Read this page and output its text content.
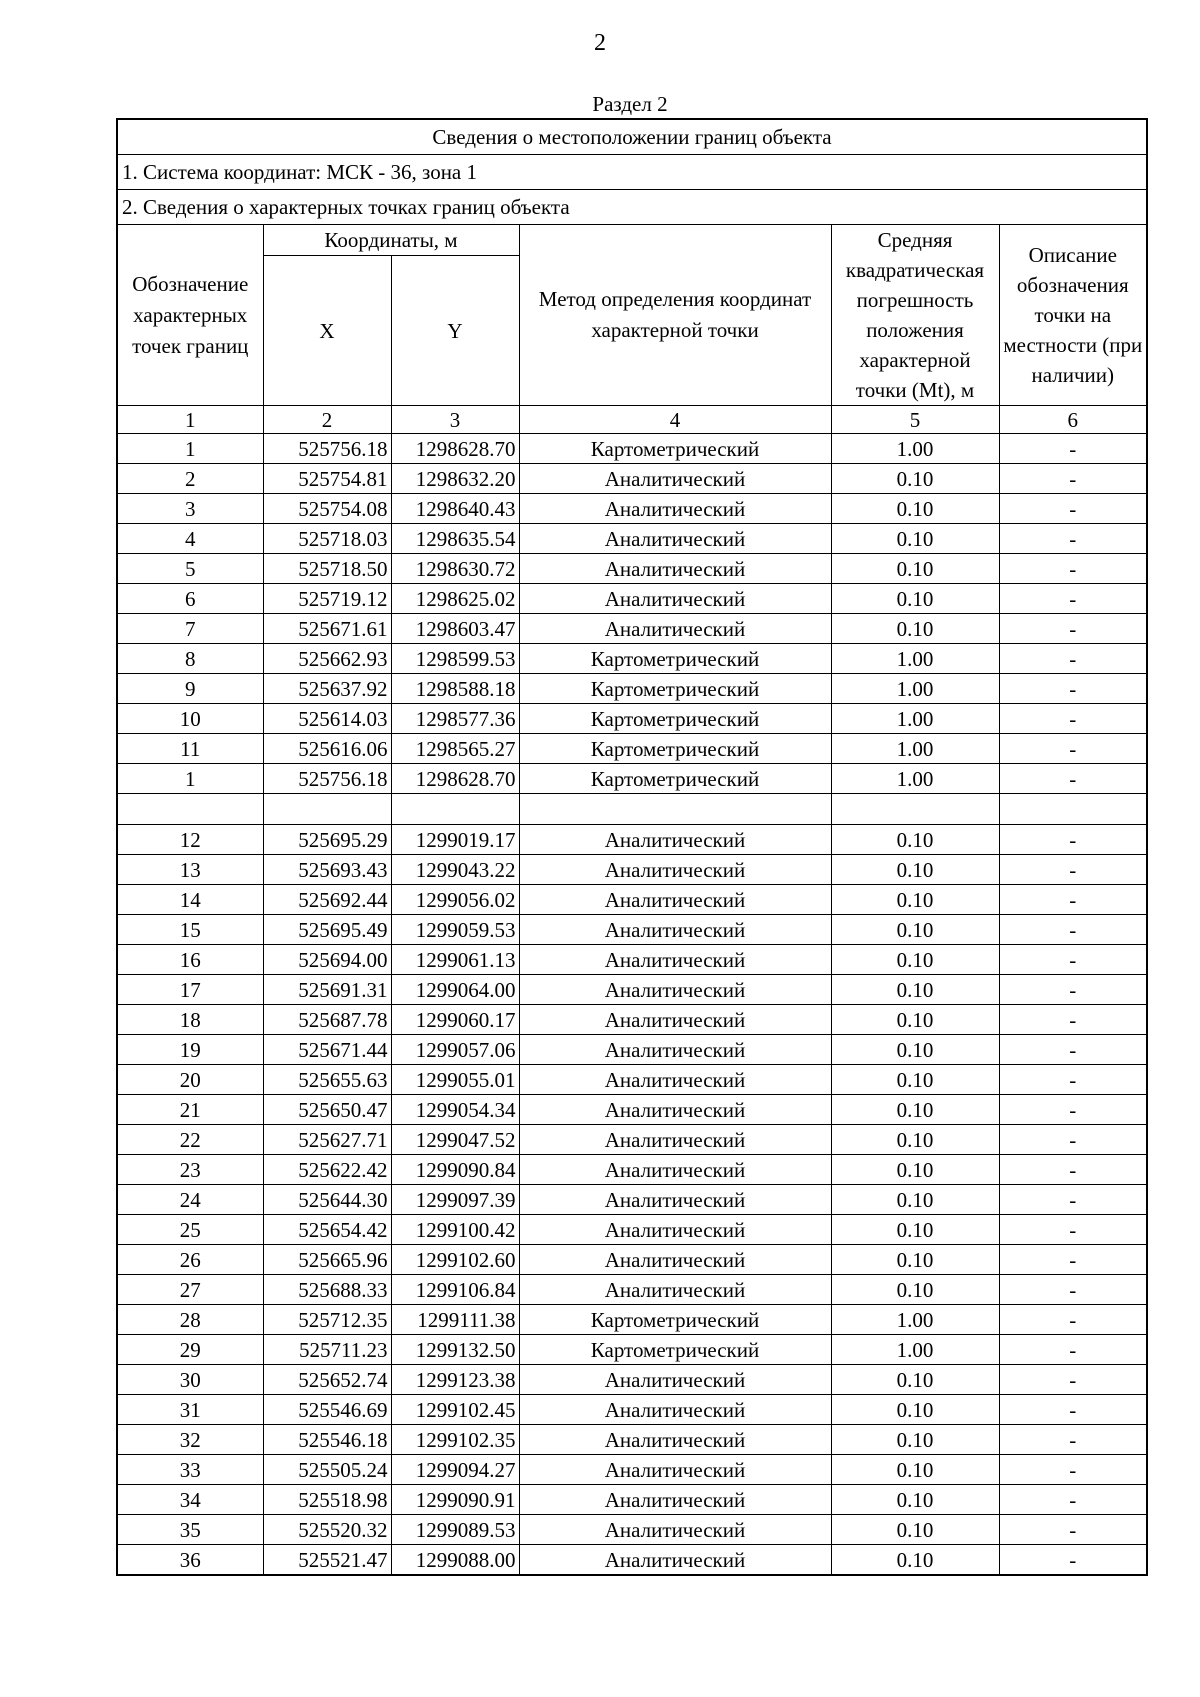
2
Раздел 2
Сведения о местоположении границ объекта					
1. Система координат: МСК - 36, зона 1					
2. Сведения о характерных точках границ объекта					
Обозначение характерных точек границ	Координаты, м		Метод определения координат характерной точки	Средняя квадратическая погрешность положения характерной точки (Mt), м	Описание обозначения точки на местности (при наличии)
	X	Y			
1	2	3	4	5	6
1	525756.18	1298628.70	Картометрический	1.00	-
2	525754.81	1298632.20	Аналитический	0.10	-
3	525754.08	1298640.43	Аналитический	0.10	-
4	525718.03	1298635.54	Аналитический	0.10	-
5	525718.50	1298630.72	Аналитический	0.10	-
6	525719.12	1298625.02	Аналитический	0.10	-
7	525671.61	1298603.47	Аналитический	0.10	-
8	525662.93	1298599.53	Картометрический	1.00	-
9	525637.92	1298588.18	Картометрический	1.00	-
10	525614.03	1298577.36	Картометрический	1.00	-
11	525616.06	1298565.27	Картометрический	1.00	-
1	525756.18	1298628.70	Картометрический	1.00	-

12	525695.29	1299019.17	Аналитический	0.10	-
13	525693.43	1299043.22	Аналитический	0.10	-
14	525692.44	1299056.02	Аналитический	0.10	-
15	525695.49	1299059.53	Аналитический	0.10	-
16	525694.00	1299061.13	Аналитический	0.10	-
17	525691.31	1299064.00	Аналитический	0.10	-
18	525687.78	1299060.17	Аналитический	0.10	-
19	525671.44	1299057.06	Аналитический	0.10	-
20	525655.63	1299055.01	Аналитический	0.10	-
21	525650.47	1299054.34	Аналитический	0.10	-
22	525627.71	1299047.52	Аналитический	0.10	-
23	525622.42	1299090.84	Аналитический	0.10	-
24	525644.30	1299097.39	Аналитический	0.10	-
25	525654.42	1299100.42	Аналитический	0.10	-
26	525665.96	1299102.60	Аналитический	0.10	-
27	525688.33	1299106.84	Аналитический	0.10	-
28	525712.35	1299111.38	Картометрический	1.00	-
29	525711.23	1299132.50	Картометрический	1.00	-
30	525652.74	1299123.38	Аналитический	0.10	-
31	525546.69	1299102.45	Аналитический	0.10	-
32	525546.18	1299102.35	Аналитический	0.10	-
33	525505.24	1299094.27	Аналитический	0.10	-
34	525518.98	1299090.91	Аналитический	0.10	-
35	525520.32	1299089.53	Аналитический	0.10	-
36	525521.47	1299088.00	Аналитический	0.10	-
